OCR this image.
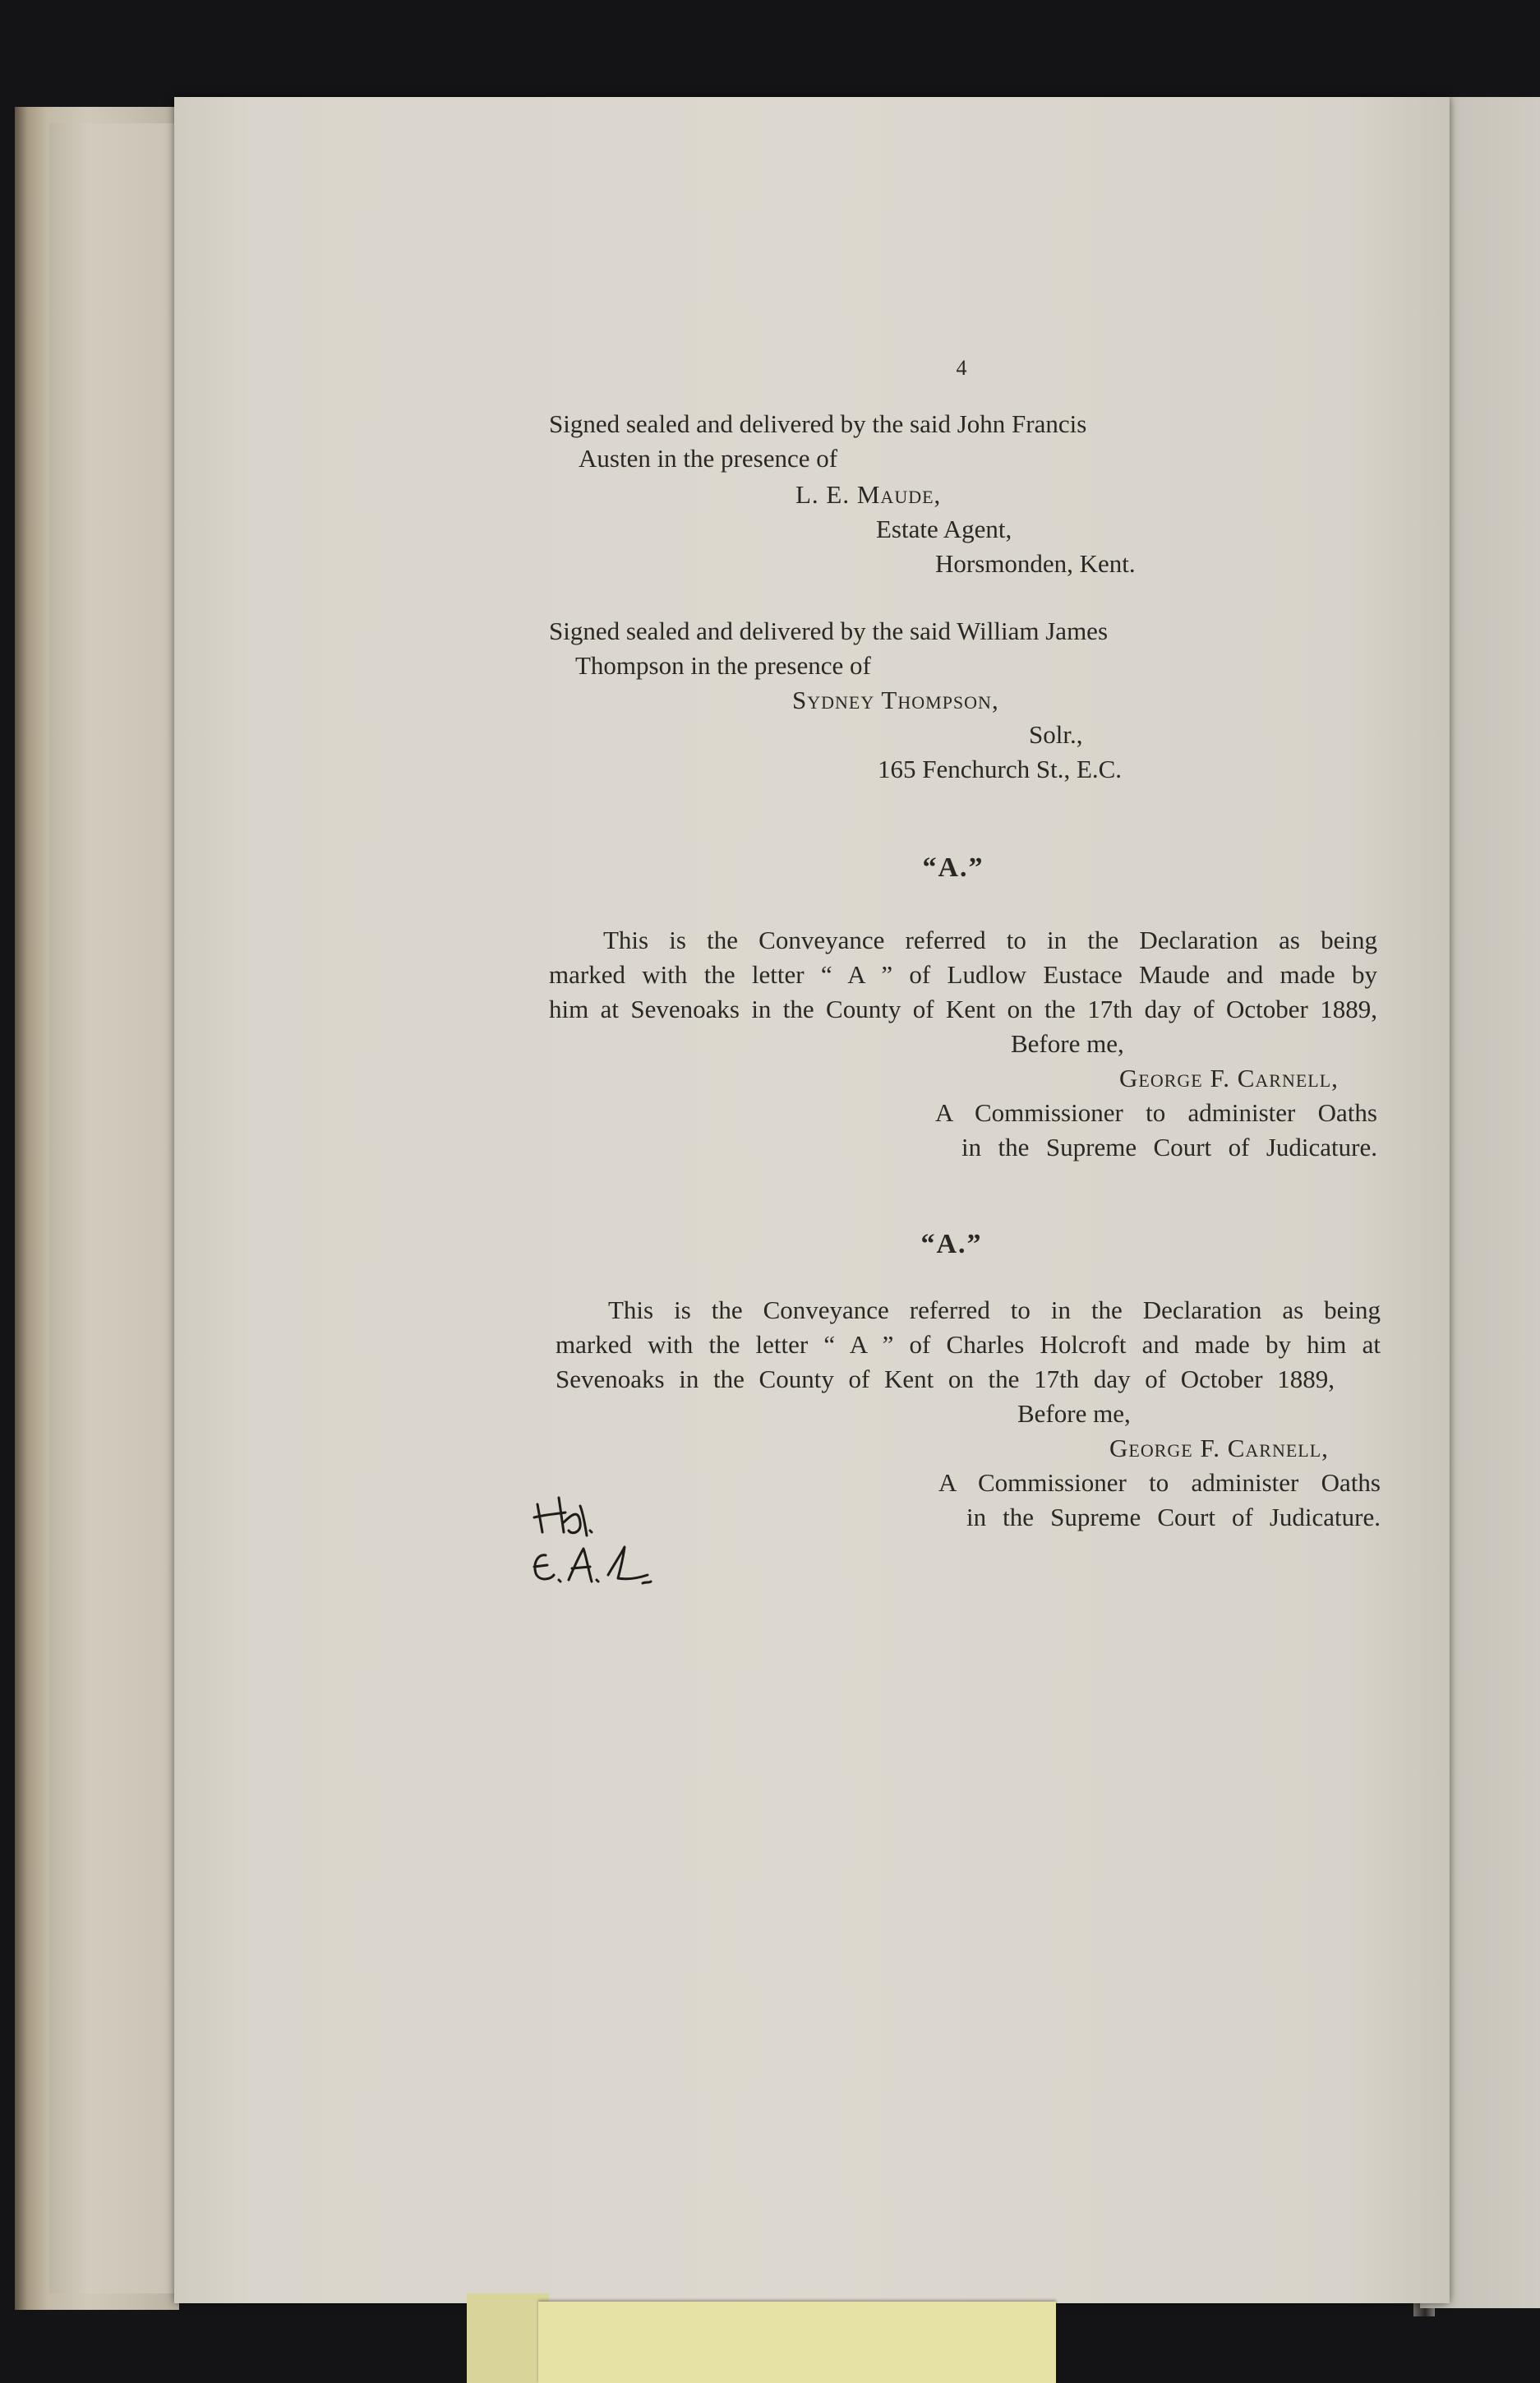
4
Signed sealed and delivered by the said John Francis
Austen in the presence of
L. E. Maude,
Estate Agent,
Horsmonden, Kent.
Signed sealed and delivered by the said William James
Thompson in the presence of
Sydney Thompson,
Solr.,
165 Fenchurch St., E.C.
“A.”
This is the Conveyance referred to in the Declaration as being
marked with the letter “ A ” of Ludlow Eustace Maude and made by
him at Sevenoaks in the County of Kent on the 17th day of October 1889,
Before me,
George F. Carnell,
A Commissioner to administer Oaths
in the Supreme Court of Judicature.
“A.”
This is the Conveyance referred to in the Declaration as being
marked with the letter “ A ” of Charles Holcroft and made by him at
Sevenoaks in the County of Kent on the 17th day of October 1889,
Before me,
George F. Carnell,
A Commissioner to administer Oaths
in the Supreme Court of Judicature.
